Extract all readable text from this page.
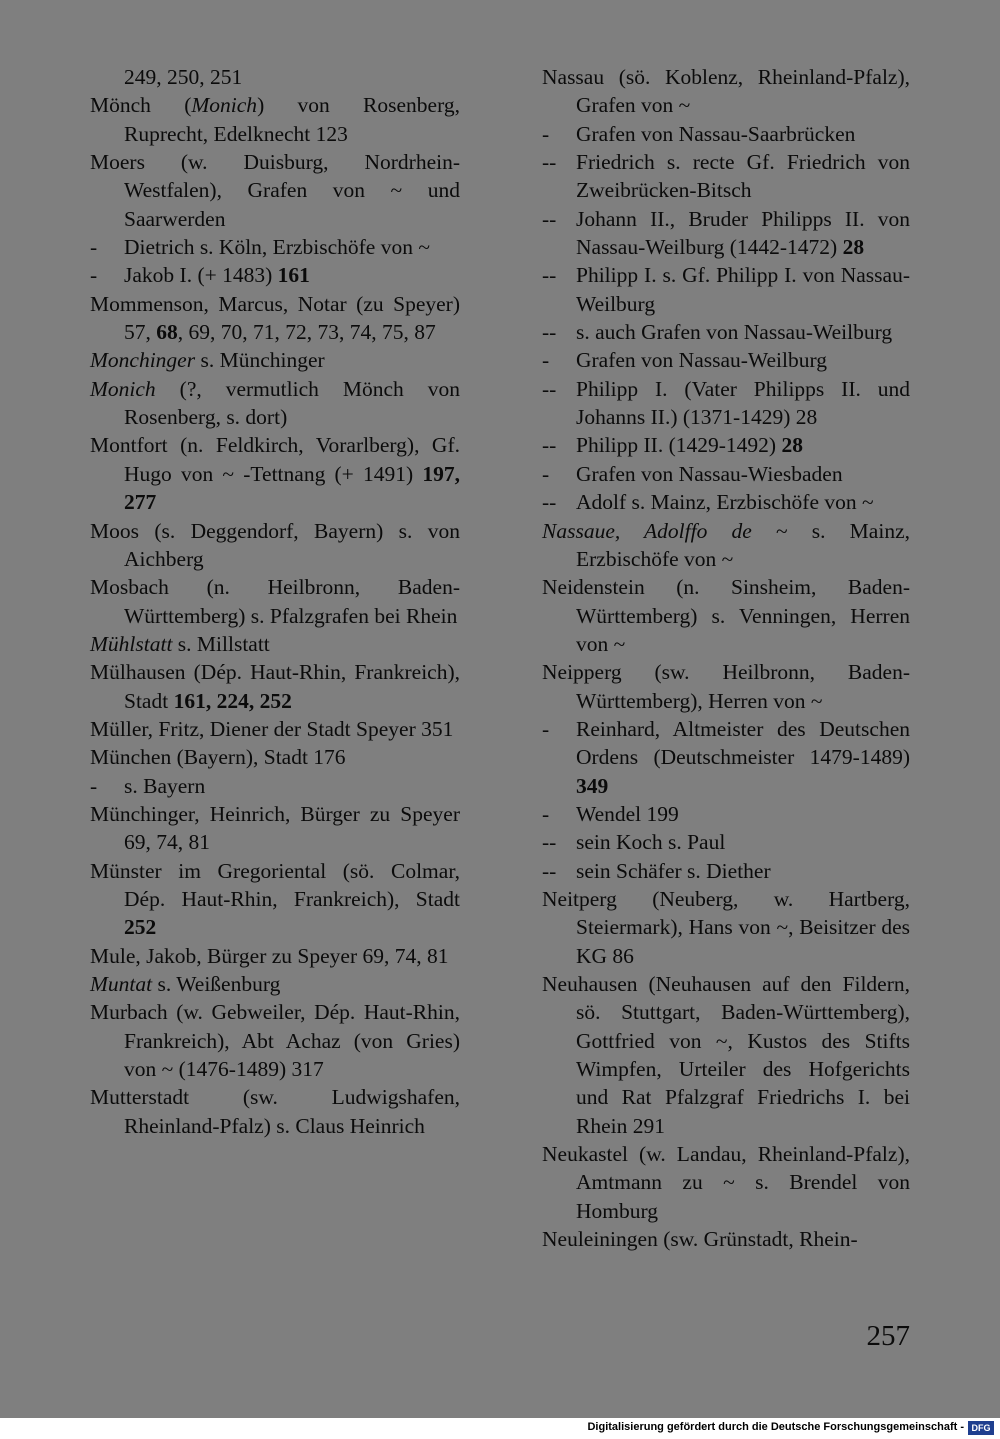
249, 250, 251
Mönch (Monich) von Rosenberg, Ruprecht, Edelknecht 123
Moers (w. Duisburg, Nordrhein-Westfalen), Grafen von ~ und Saarwerden
- Dietrich s. Köln, Erzbischöfe von ~
- Jakob I. (+ 1483) 161
Mommenson, Marcus, Notar (zu Speyer) 57, 68, 69, 70, 71, 72, 73, 74, 75, 87
Monchinger s. Münchinger
Monich (?, vermutlich Mönch von Rosenberg, s. dort)
Montfort (n. Feldkirch, Vorarlberg), Gf. Hugo von ~ -Tettnang (+ 1491) 197, 277
Moos (s. Deggendorf, Bayern) s. von Aichberg
Mosbach (n. Heilbronn, Baden-Württemberg) s. Pfalzgrafen bei Rhein
Mühlstatt s. Millstatt
Mülhausen (Dép. Haut-Rhin, Frankreich), Stadt 161, 224, 252
Müller, Fritz, Diener der Stadt Speyer 351
München (Bayern), Stadt 176
- s. Bayern
Münchinger, Heinrich, Bürger zu Speyer 69, 74, 81
Münster im Gregoriental (sö. Colmar, Dép. Haut-Rhin, Frankreich), Stadt 252
Mule, Jakob, Bürger zu Speyer 69, 74, 81
Muntat s. Weißenburg
Murbach (w. Gebweiler, Dép. Haut-Rhin, Frankreich), Abt Achaz (von Gries) von ~ (1476-1489) 317
Mutterstadt (sw. Ludwigshafen, Rheinland-Pfalz) s. Claus Heinrich
Nassau (sö. Koblenz, Rheinland-Pfalz), Grafen von ~
- Grafen von Nassau-Saarbrücken
-- Friedrich s. recte Gf. Friedrich von Zweibrücken-Bitsch
-- Johann II., Bruder Philipps II. von Nassau-Weilburg (1442-1472) 28
-- Philipp I. s. Gf. Philipp I. von Nassau-Weilburg
-- s. auch Grafen von Nassau-Weilburg
- Grafen von Nassau-Weilburg
-- Philipp I. (Vater Philipps II. und Johanns II.) (1371-1429) 28
-- Philipp II. (1429-1492) 28
- Grafen von Nassau-Wiesbaden
-- Adolf s. Mainz, Erzbischöfe von ~
Nassaue, Adolffo de ~ s. Mainz, Erzbischöfe von ~
Neidenstein (n. Sinsheim, Baden-Württemberg) s. Venningen, Herren von ~
Neipperg (sw. Heilbronn, Baden-Württemberg), Herren von ~
- Reinhard, Altmeister des Deutschen Ordens (Deutschmeister 1479-1489) 349
- Wendel 199
-- sein Koch s. Paul
-- sein Schäfer s. Diether
Neitperg (Neuberg, w. Hartberg, Steiermark), Hans von ~, Beisitzer des KG 86
Neuhausen (Neuhausen auf den Fildern, sö. Stuttgart, Baden-Württemberg), Gottfried von ~, Kustos des Stifts Wimpfen, Urteiler des Hofgerichts und Rat Pfalzgraf Friedrichs I. bei Rhein 291
Neukastel (w. Landau, Rheinland-Pfalz), Amtmann zu ~ s. Brendel von Homburg
Neuleiningen (sw. Grünstadt, Rhein-
257
Digitalisierung gefördert durch die Deutsche Forschungsgemeinschaft - DFG
